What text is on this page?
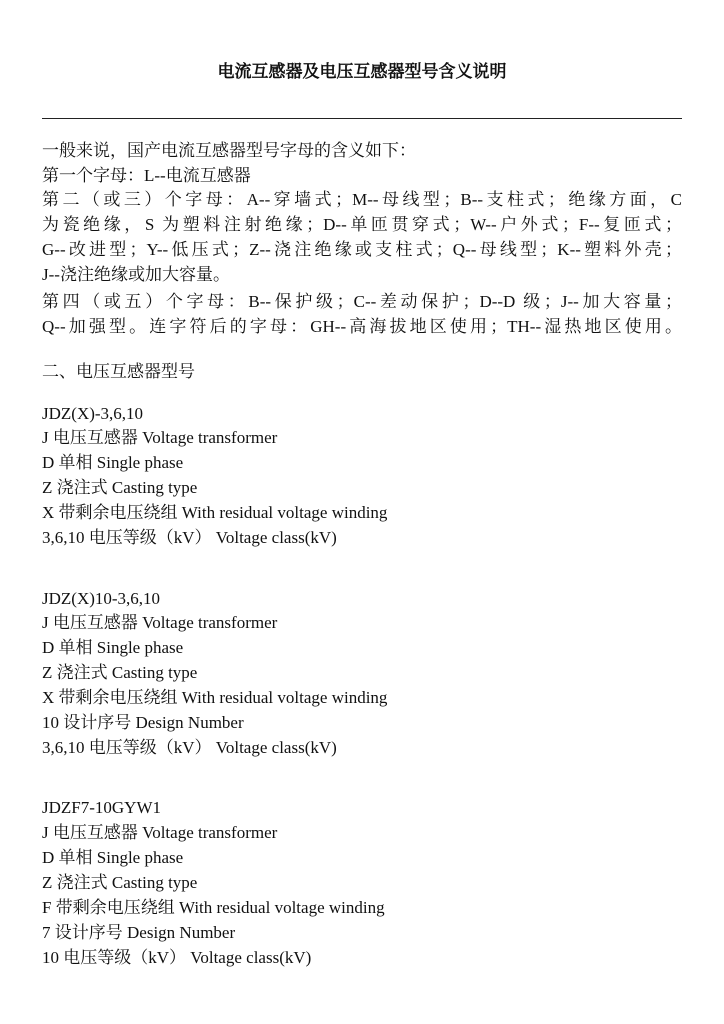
电流互感器及电压互感器型号含义说明
一般来说，国产电流互感器型号字母的含义如下：
第一个字母：L--电流互感器
第二（或三）个字母：A--穿墙式；M--母线型；B--支柱式；绝缘方面，C
为瓷绝缘，S 为塑料注射绝缘；D--单匝贯穿式；W--户外式；F--复匝式；
G--改进型；Y--低压式；Z--浇注绝缘或支柱式；Q--母线型；K--塑料外壳；
J--浇注绝缘或加大容量。
第四（或五）个字母：B--保护级；C--差动保护；D--D 级；J--加大容量；
Q--加强型。连字符后的字母：GH--高海拔地区使用；TH--湿热地区使用。
二、电压互感器型号
JDZ(X)-3,6,10
J 电压互感器 Voltage transformer
D 单相 Single phase
Z 浇注式 Casting type
X 带剩余电压绕组 With residual voltage winding
3,6,10 电压等级（kV） Voltage class(kV)
JDZ(X)10-3,6,10
J 电压互感器 Voltage transformer
D 单相 Single phase
Z 浇注式 Casting type
X 带剩余电压绕组 With residual voltage winding
10 设计序号 Design Number
3,6,10 电压等级（kV） Voltage class(kV)
JDZF7-10GYW1
J 电压互感器 Voltage transformer
D 单相 Single phase
Z 浇注式 Casting type
F 带剩余电压绕组 With residual voltage winding
7 设计序号 Design Number
10 电压等级（kV） Voltage class(kV)
